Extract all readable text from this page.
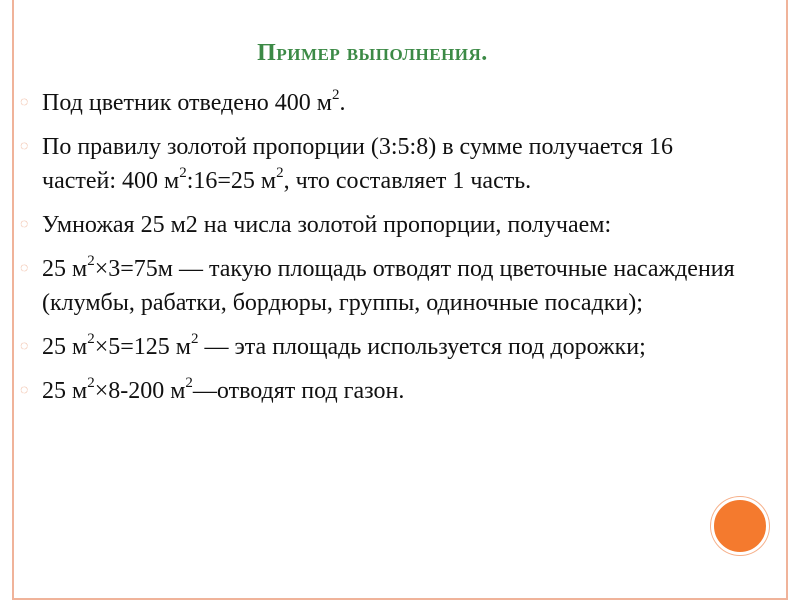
Пример выполнения.
◌ Под цветник отведено 400 $м^2$.
◌ По правилу золотой пропорции (3:5:8) в сумме получается 16 частей: 400 $м^2:16=25$ $м^2$, что составляет 1 часть.
◌ Умножая 25 м2 на числа золотой пропорции, получаем:
◌ 25 $м^2\times 3=75м$ — такую площадь отводят под цветочные насаждения (клумбы, рабатки, бордюры, группы, одиночные посадки);
◌ 25 $м^2\times 5=125$ $м^2$ — эта площадь используется под дорожки;
◌ 25 $м^2\times 8-200$ $м^2—отводят$ под газон.
